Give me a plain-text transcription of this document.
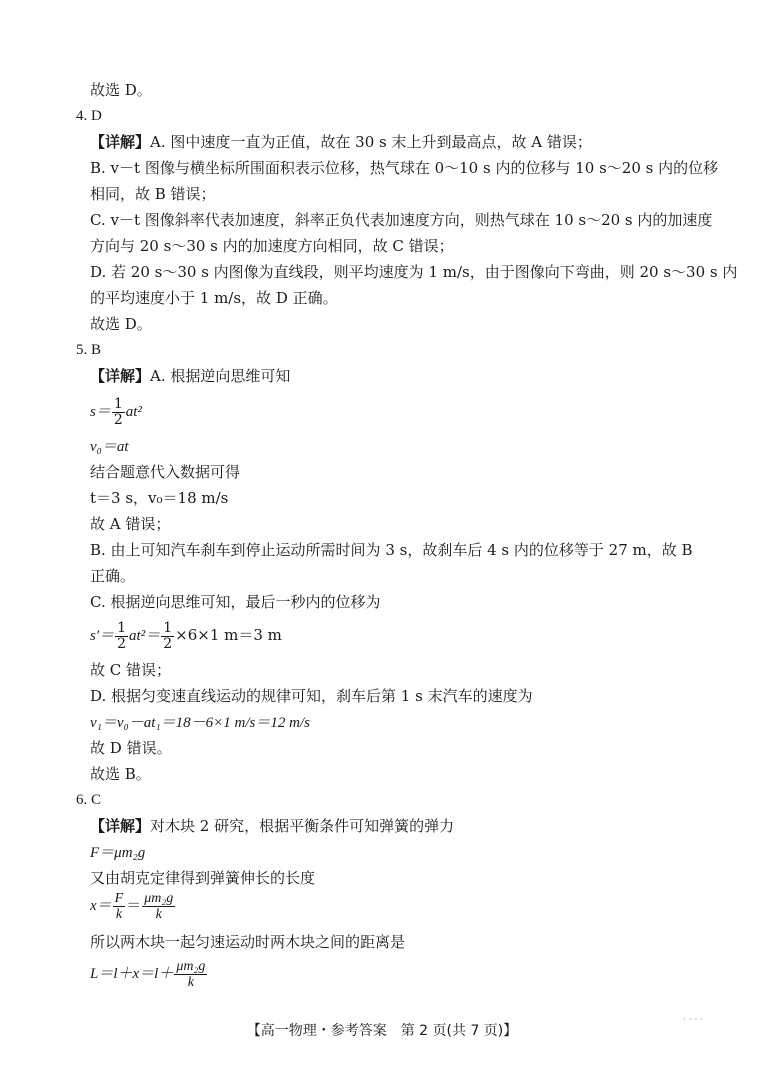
故选 D。
4. D
【详解】A. 图中速度一直为正值，故在 30 s 末上升到最高点，故 A 错误；
B. v－t 图像与横坐标所围面积表示位移，热气球在 0～10 s 内的位移与 10 s～20 s 内的位移
相同，故 B 错误；
C. v－t 图像斜率代表加速度，斜率正负代表加速度方向，则热气球在 10 s～20 s 内的加速度
方向与 20 s～30 s 内的加速度方向相同，故 C 错误；
D. 若 20 s～30 s 内图像为直线段，则平均速度为 1 m/s，由于图像向下弯曲，则 20 s～30 s 内
的平均速度小于 1 m/s，故 D 正确。
故选 D。
5. B
【详解】A. 根据逆向思维可知
$s= \frac{1}{2} at^2$
v₀＝at
结合题意代入数据可得
t＝3 s，v₀＝18 m/s
故 A 错误；
B. 由上可知汽车刹车到停止运动所需时间为 3 s，故刹车后 4 s 内的位移等于 27 m，故 B
正确。
C. 根据逆向思维可知，最后一秒内的位移为
$s'= \frac{1}{2} at^2= \frac{1}{2} \times 6\times 1$ m＝3 m
故 C 错误；
D. 根据匀变速直线运动的规律可知，刹车后第 1 s 末汽车的速度为
v₁＝v₀－at₁＝18－6×1 m/s＝12 m/s
故 D 错误。
故选 B。
6. C
【详解】对木块 2 研究，根据平衡条件可知弹簧的弹力
F＝μm₂g
又由胡克定律得到弹簧伸长的长度
$x= \frac{F}{k} = \frac{\text{μm₂g}}{k}$
所以两木块一起匀速运动时两木块之间的距离是
$L=l+x=l+ \frac{\text{μm₂g}}{k}$
【高一物理・参考答案　第 2 页(共 7 页)】
· · · ·
